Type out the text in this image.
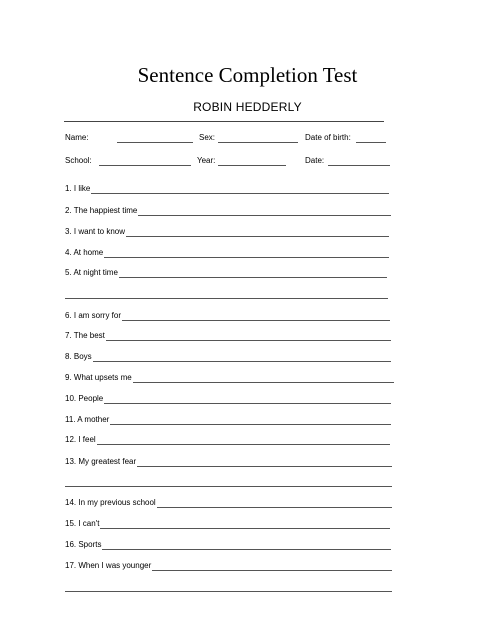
Sentence Completion Test
ROBIN HEDDERLY
Name:	Sex:	Date of birth:
School:	Year:	Date:
1. I like
2. The happiest time
3. I want to know
4. At home
5. At night time
6. I am sorry for
7. The best
8. Boys
9. What upsets me
10. People
11. A mother
12. I feel
13. My greatest fear
14. In my previous school
15. I can't
16. Sports
17. When I was younger
